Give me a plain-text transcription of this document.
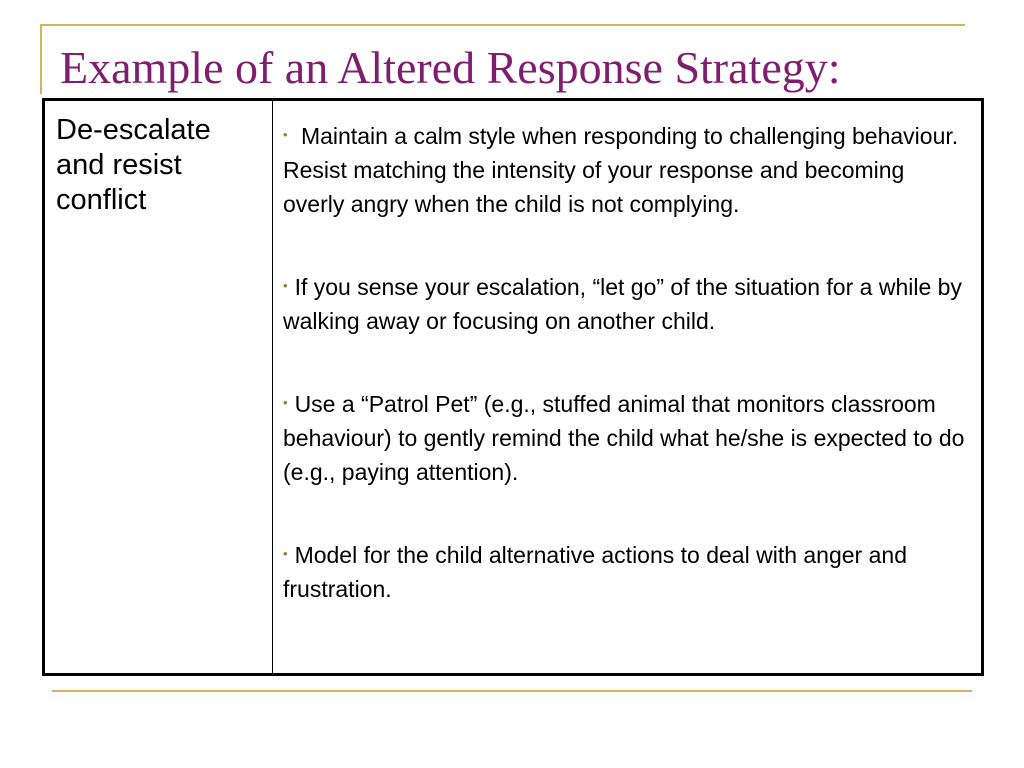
Example of an Altered Response Strategy:
De-escalate and resist conflict
• Maintain a calm style when responding to challenging behaviour. Resist matching the intensity of your response and becoming overly angry when the child is not complying.
• If you sense your escalation, “let go” of the situation for a while by walking away or focusing on another child.
• Use a “Patrol Pet” (e.g., stuffed animal that monitors classroom behaviour) to gently remind the child what he/she is expected to do (e.g., paying attention).
• Model for the child alternative actions to deal with anger and frustration.
